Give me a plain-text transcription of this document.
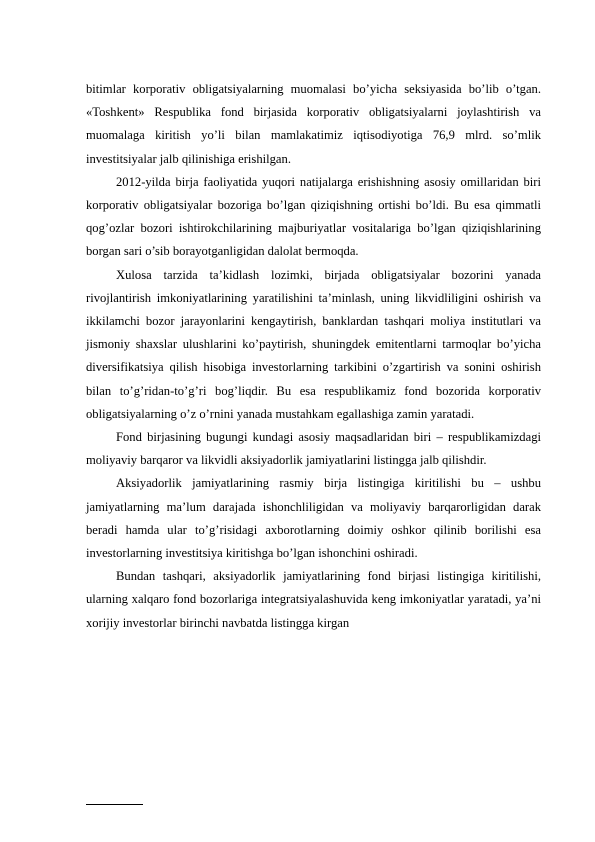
bitimlar korporativ obligatsiyalarning muomalasi bo’yicha seksiyasida bo’lib o’tgan. «Toshkent» Respublika fond birjasida korporativ obligatsiyalarni joylashtirish va muomalaga kiritish yo’li bilan mamlakatimiz iqtisodiyotiga 76,9 mlrd. so’mlik investitsiyalar jalb qilinishiga erishilgan.

2012-yilda birja faoliyatida yuqori natijalarga erishishning asosiy omillaridan biri korporativ obligatsiyalar bozoriga bo’lgan qiziqishning ortishi bo’ldi. Bu esa qimmatli qog’ozlar bozori ishtirokchilarining majburiyatlar vositalariga bo’lgan qiziqishlarining borgan sari o’sib borayotganligidan dalolat bermoqda.

Xulosa tarzida ta’kidlash lozimki, birjada obligatsiyalar bozorini yanada rivojlantirish imkoniyatlarining yaratilishini ta’minlash, uning likvidliligini oshirish va ikkilamchi bozor jarayonlarini kengaytirish, banklardan tashqari moliya institutlari va jismoniy shaxslar ulushlarini ko’paytirish, shuningdek emitentlarni tarmoqlar bo’yicha diversifikatsiya qilish hisobiga investorlarning tarkibini o’zgartirish va sonini oshirish bilan to’g’ridan-to’g’ri bog’liqdir. Bu esa respublikamiz fond bozorida korporativ obligatsiyalarning o’z o’rnini yanada mustahkam egallashiga zamin yaratadi.

Fond birjasining bugungi kundagi asosiy maqsadlaridan biri – respublikamizdagi moliyaviy barqaror va likvidli aksiyadorlik jamiyatlarini listingga jalb qilishdir.

Aksiyadorlik jamiyatlarining rasmiy birja listingiga kiritilishi bu – ushbu jamiyatlarning ma’lum darajada ishonchliligidan va moliyaviy barqarorligidan darak beradi hamda ular to’g’risidagi axborotlarning doimiy oshkor qilinib borilishi esa investorlarning investitsiya kiritishga bo’lgan ishonchini oshiradi.

Bundan tashqari, aksiyadorlik jamiyatlarining fond birjasi listingiga kiritilishi, ularning xalqaro fond bozorlariga integratsiyalashuvida keng imkoniyatlar yaratadi, ya’ni xorijiy investorlar birinchi navbatda listingga kirgan
